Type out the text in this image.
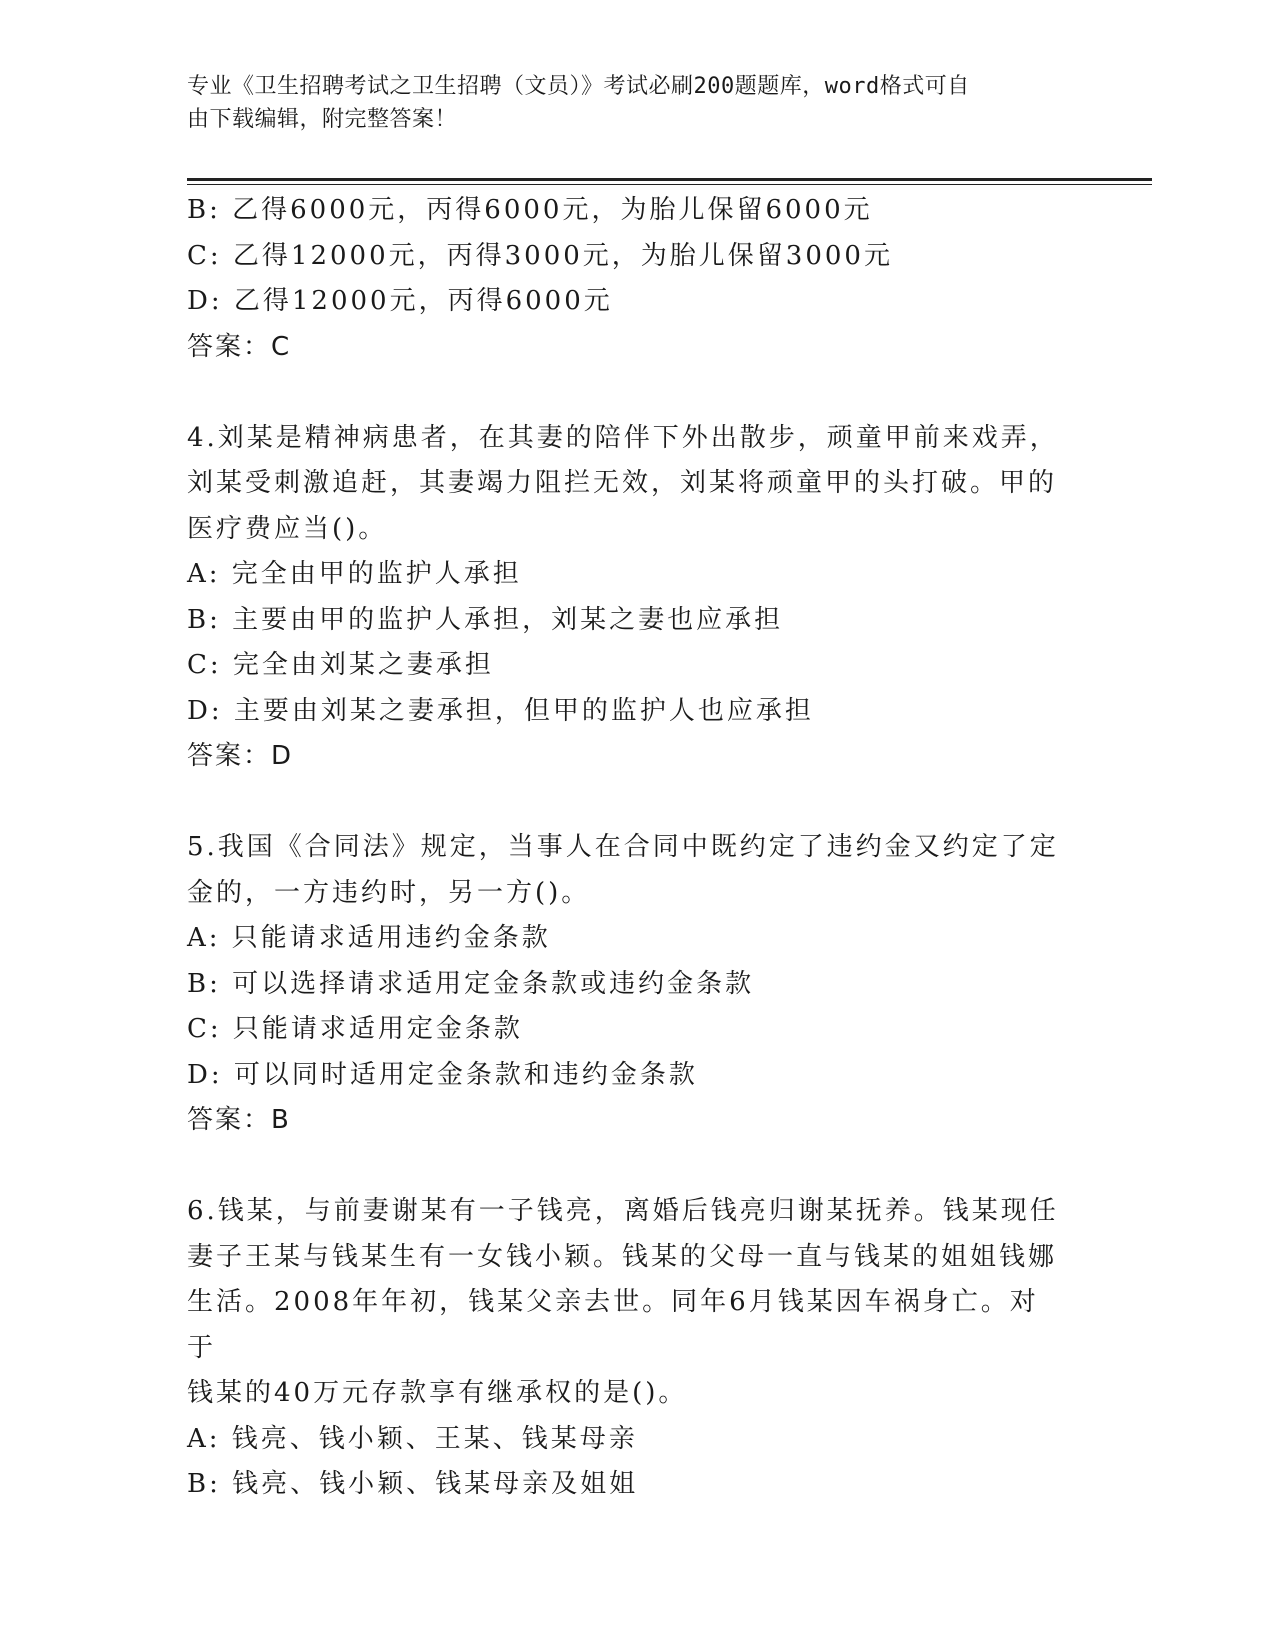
专业《卫生招聘考试之卫生招聘（文员）》考试必刷200题题库，word格式可自
由下载编辑，附完整答案！
B: 乙得6000元，丙得6000元，为胎儿保留6000元
C: 乙得12000元，丙得3000元，为胎儿保留3000元
D: 乙得12000元，丙得6000元
答案：C
4.刘某是精神病患者，在其妻的陪伴下外出散步，顽童甲前来戏弄，
刘某受刺激追赶，其妻竭力阻拦无效，刘某将顽童甲的头打破。甲的
医疗费应当()。
A: 完全由甲的监护人承担
B: 主要由甲的监护人承担，刘某之妻也应承担
C: 完全由刘某之妻承担
D: 主要由刘某之妻承担，但甲的监护人也应承担
答案：D
5.我国《合同法》规定，当事人在合同中既约定了违约金又约定了定
金的，一方违约时，另一方()。
A: 只能请求适用违约金条款
B: 可以选择请求适用定金条款或违约金条款
C: 只能请求适用定金条款
D: 可以同时适用定金条款和违约金条款
答案：B
6.钱某，与前妻谢某有一子钱亮，离婚后钱亮归谢某抚养。钱某现任
妻子王某与钱某生有一女钱小颖。钱某的父母一直与钱某的姐姐钱娜
生活。2008年年初，钱某父亲去世。同年6月钱某因车祸身亡。对于
钱某的40万元存款享有继承权的是()。
A: 钱亮、钱小颖、王某、钱某母亲
B: 钱亮、钱小颖、钱某母亲及姐姐
